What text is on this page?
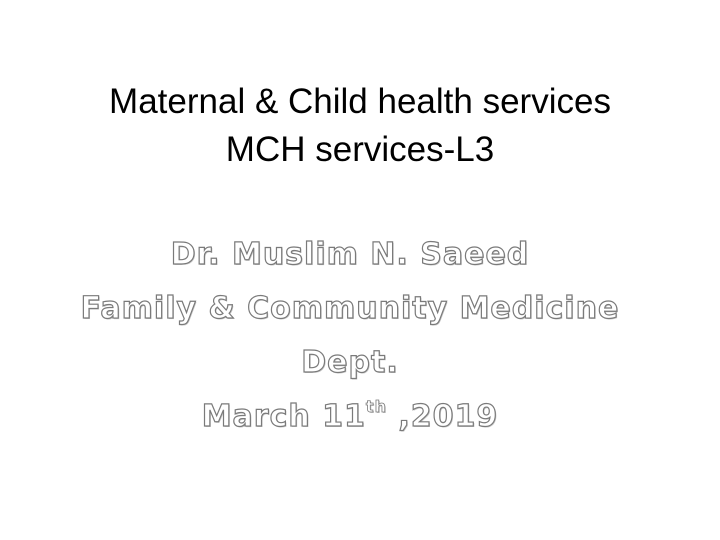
Maternal & Child health services
MCH services-L3
Dr. Muslim N. Saeed
Family & Community Medicine
Dept.
March 11th ,2019
